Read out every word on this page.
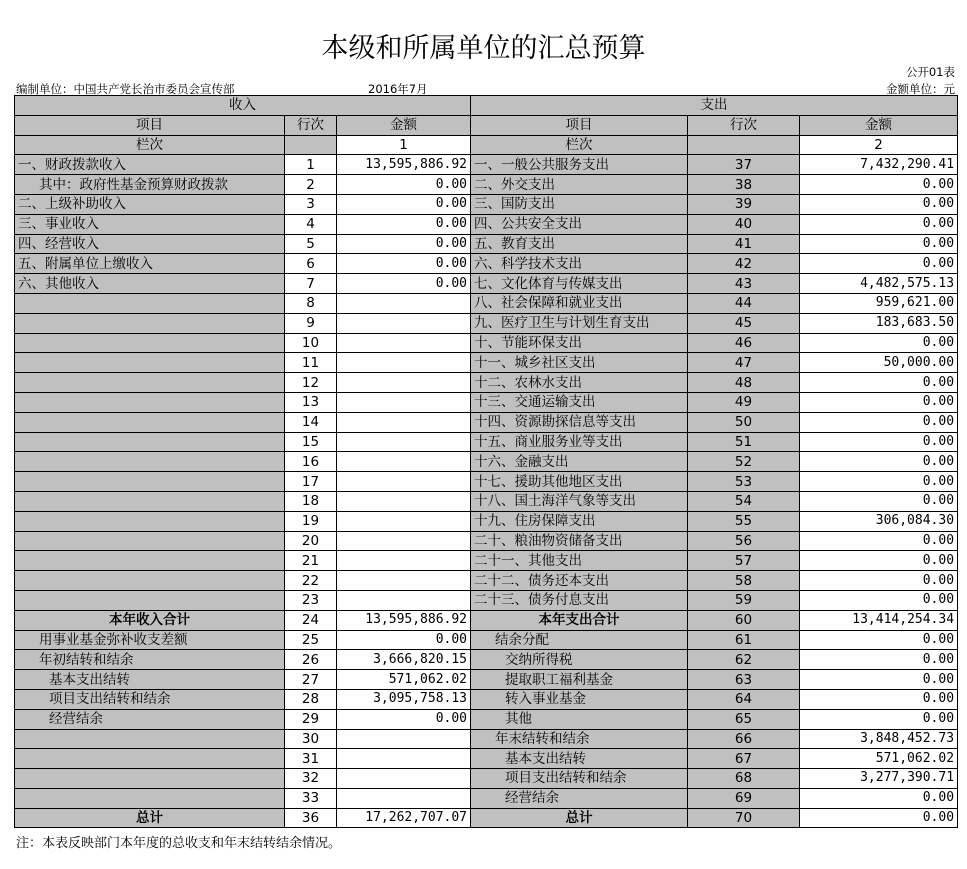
本级和所属单位的汇总预算
公开01表
编制单位：中国共产党长治市委员会宣传部	2016年7月	金额单位：元
收入			支出		
项目	行次	金额	项目	行次	金额
栏次		1	栏次		2
一、财政拨款收入	1	13,595,886.92	一、一般公共服务支出	37	7,432,290.41
其中：政府性基金预算财政拨款	2	0.00	二、外交支出	38	0.00
二、上级补助收入	3	0.00	三、国防支出	39	0.00
三、事业收入	4	0.00	四、公共安全支出	40	0.00
四、经营收入	5	0.00	五、教育支出	41	0.00
五、附属单位上缴收入	6	0.00	六、科学技术支出	42	0.00
六、其他收入	7	0.00	七、文化体育与传媒支出	43	4,482,575.13
	8		八、社会保障和就业支出	44	959,621.00
	9		九、医疗卫生与计划生育支出	45	183,683.50
	10		十、节能环保支出	46	0.00
	11		十一、城乡社区支出	47	50,000.00
	12		十二、农林水支出	48	0.00
	13		十三、交通运输支出	49	0.00
	14		十四、资源勘探信息等支出	50	0.00
	15		十五、商业服务业等支出	51	0.00
	16		十六、金融支出	52	0.00
	17		十七、援助其他地区支出	53	0.00
	18		十八、国土海洋气象等支出	54	0.00
	19		十九、住房保障支出	55	306,084.30
	20		二十、粮油物资储备支出	56	0.00
	21		二十一、其他支出	57	0.00
	22		二十二、债务还本支出	58	0.00
	23		二十三、债务付息支出	59	0.00
本年收入合计	24	13,595,886.92	本年支出合计	60	13,414,254.34
用事业基金弥补收支差额	25	0.00	结余分配	61	0.00
年初结转和结余	26	3,666,820.15	交纳所得税	62	0.00
基本支出结转	27	571,062.02	提取职工福利基金	63	0.00
项目支出结转和结余	28	3,095,758.13	转入事业基金	64	0.00
经营结余	29	0.00	其他	65	0.00
	30		年末结转和结余	66	3,848,452.73
	31		基本支出结转	67	571,062.02
	32		项目支出结转和结余	68	3,277,390.71
	33		经营结余	69	0.00
总计	36	17,262,707.07	总计	70	0.00
注：本表反映部门本年度的总收支和年末结转结余情况。
